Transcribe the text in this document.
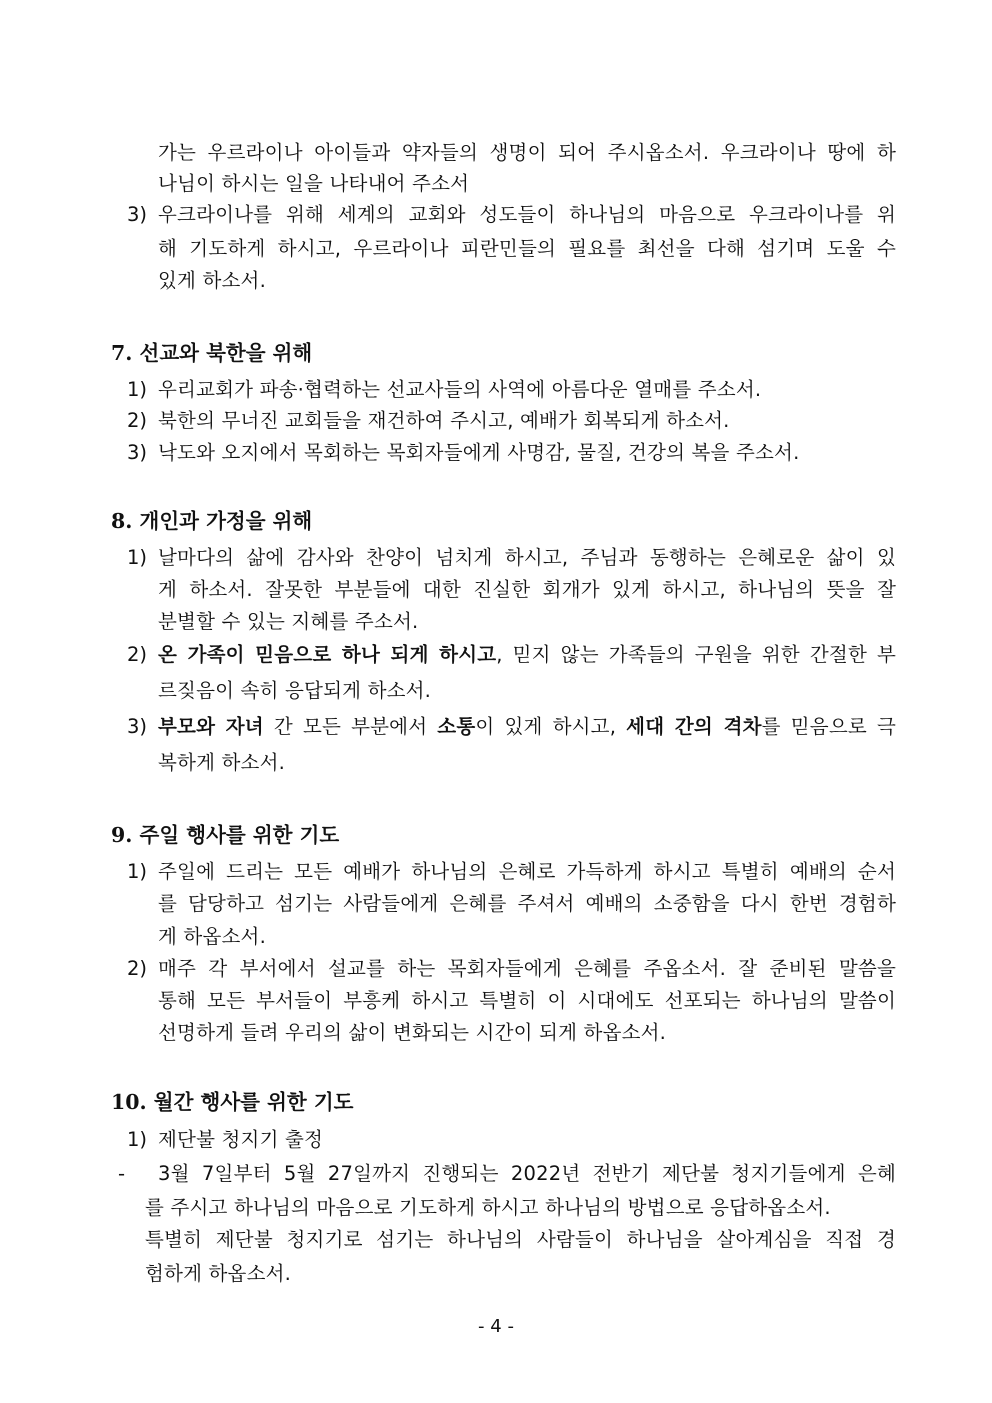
가는 우르라이나 아이들과 약자들의 생명이 되어 주시옵소서. 우크라이나 땅에 하
나님이 하시는 일을 나타내어 주소서
3) 우크라이나를 위해 세계의 교회와 성도들이 하나님의 마음으로 우크라이나를 위
해 기도하게 하시고, 우르라이나 피란민들의 필요를 최선을 다해 섬기며 도울 수
있게 하소서.
7. 선교와 북한을 위해
1) 우리교회가 파송·협력하는 선교사들의 사역에 아름다운 열매를 주소서.
2) 북한의 무너진 교회들을 재건하여 주시고, 예배가 회복되게 하소서.
3) 낙도와 오지에서 목회하는 목회자들에게 사명감, 물질, 건강의 복을 주소서.
8. 개인과 가정을 위해
1) 날마다의 삶에 감사와 찬양이 넘치게 하시고, 주님과 동행하는 은혜로운 삶이 있
게 하소서. 잘못한 부분들에 대한 진실한 회개가 있게 하시고, 하나님의 뜻을 잘
분별할 수 있는 지혜를 주소서.
2) 온 가족이 믿음으로 하나 되게 하시고, 믿지 않는 가족들의 구원을 위한 간절한 부
르짖음이 속히 응답되게 하소서.
3) 부모와 자녀 간 모든 부분에서 소통이 있게 하시고, 세대 간의 격차를 믿음으로 극
복하게 하소서.
9. 주일 행사를 위한 기도
1) 주일에 드리는 모든 예배가 하나님의 은혜로 가득하게 하시고 특별히 예배의 순서
를 담당하고 섬기는 사람들에게 은혜를 주셔서 예배의 소중함을 다시 한번 경험하
게 하옵소서.
2) 매주 각 부서에서 설교를 하는 목회자들에게 은혜를 주옵소서. 잘 준비된 말씀을
통해 모든 부서들이 부흥케 하시고 특별히 이 시대에도 선포되는 하나님의 말씀이
선명하게 들려 우리의 삶이 변화되는 시간이 되게 하옵소서.
10. 월간 행사를 위한 기도
1) 제단불 청지기 출정
- 3월 7일부터 5월 27일까지 진행되는 2022년 전반기 제단불 청지기들에게 은혜
를 주시고 하나님의 마음으로 기도하게 하시고 하나님의 방법으로 응답하옵소서.
특별히 제단불 청지기로 섬기는 하나님의 사람들이 하나님을 살아계심을 직접 경
험하게 하옵소서.
- 4 -
